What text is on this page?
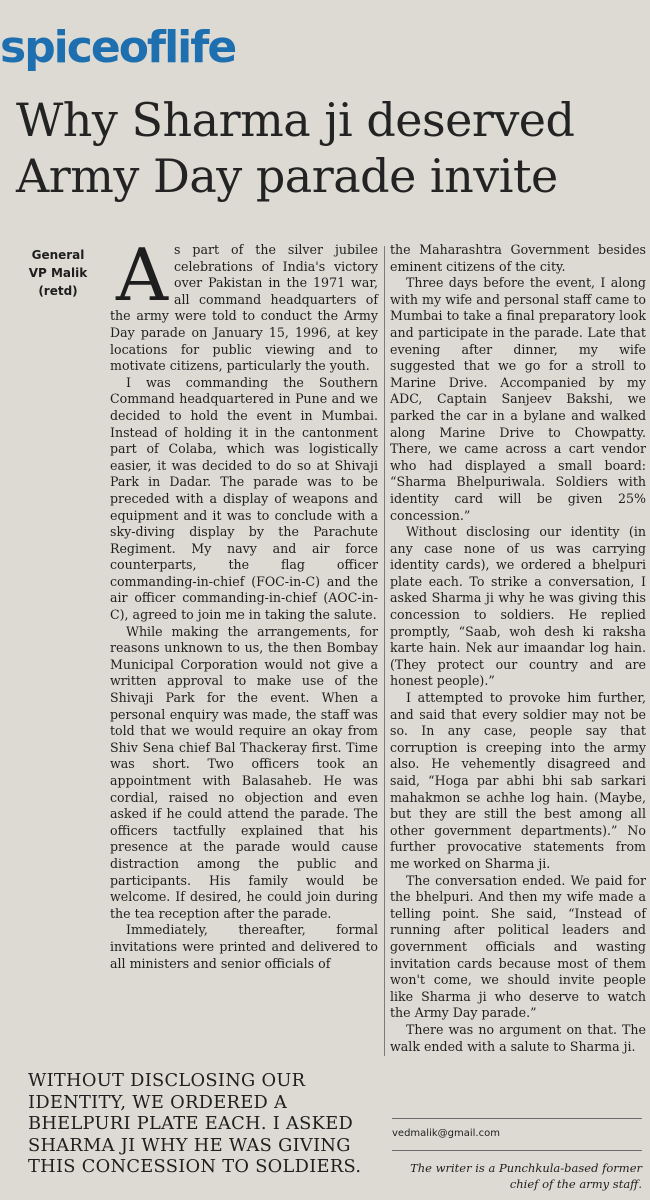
spiceoflife
Why Sharma ji deserved
Army Day parade invite
General
VP Malik
(retd) As part of the silver jubilee celebrations of India's victory over Pakistan in the 1971 war, all command headquarters of the army were told to conduct the Army Day parade on January 15, 1996, at key locations for public viewing and to motivate citizens, particularly the youth.

I was commanding the Southern Command headquartered in Pune and we decided to hold the event in Mumbai. Instead of holding it in the cantonment part of Colaba, which was logistically easier, it was decided to do so at Shivaji Park in Dadar. The parade was to be preceded with a display of weapons and equipment and it was to conclude with a sky-diving display by the Parachute Regiment. My navy and air force counterparts, the flag officer commanding-in-chief (FOC-in-C) and the air officer commanding-in-chief (AOC-in-C), agreed to join me in taking the salute.

While making the arrangements, for reasons unknown to us, the then Bombay Municipal Corporation would not give a written approval to make use of the Shivaji Park for the event. When a personal enquiry was made, the staff was told that we would require an okay from Shiv Sena chief Bal Thackeray first. Time was short. Two officers took an appointment with Balasaheb. He was cordial, raised no objection and even asked if he could attend the parade. The officers tactfully explained that his presence at the parade would cause distraction among the public and participants. His family would be welcome. If desired, he could join during the tea reception after the parade.

Immediately, thereafter, formal invitations were printed and delivered to all ministers and senior officials of

the Maharashtra Government besides eminent citizens of the city.

Three days before the event, I along with my wife and personal staff came to Mumbai to take a final preparatory look and participate in the parade. Late that evening after dinner, my wife suggested that we go for a stroll to Marine Drive. Accompanied by my ADC, Captain Sanjeev Bakshi, we parked the car in a bylane and walked along Marine Drive to Chowpatty. There, we came across a cart vendor who had displayed a small board: “Sharma Bhelpuriwala. Soldiers with identity card will be given 25% concession.”

Without disclosing our identity (in any case none of us was carrying identity cards), we ordered a bhelpuri plate each. To strike a conversation, I asked Sharma ji why he was giving this concession to soldiers. He replied promptly, “Saab, woh desh ki raksha karte hain. Nek aur imaandar log hain. (They protect our country and are honest people).”

I attempted to provoke him further, and said that every soldier may not be so. In any case, people say that corruption is creeping into the army also. He vehemently disagreed and said, “Hoga par abhi bhi sab sarkari mahakmon se achhe log hain. (Maybe, but they are still the best among all other government departments).” No further provocative statements from me worked on Sharma ji.

The conversation ended. We paid for the bhelpuri. And then my wife made a telling point. She said, “Instead of running after political leaders and government officials and wasting invitation cards because most of them won't come, we should invite people like Sharma ji who deserve to watch the Army Day parade.”

There was no argument on that. The walk ended with a salute to Sharma ji.

WITHOUT DISCLOSING OUR
IDENTITY, WE ORDERED A
BHELPURI PLATE EACH. I ASKED
SHARMA JI WHY HE WAS GIVING
THIS CONCESSION TO SOLDIERS.
vedmalik@gmail.com
The writer is a Punchkula-based former
chief of the army staff.
